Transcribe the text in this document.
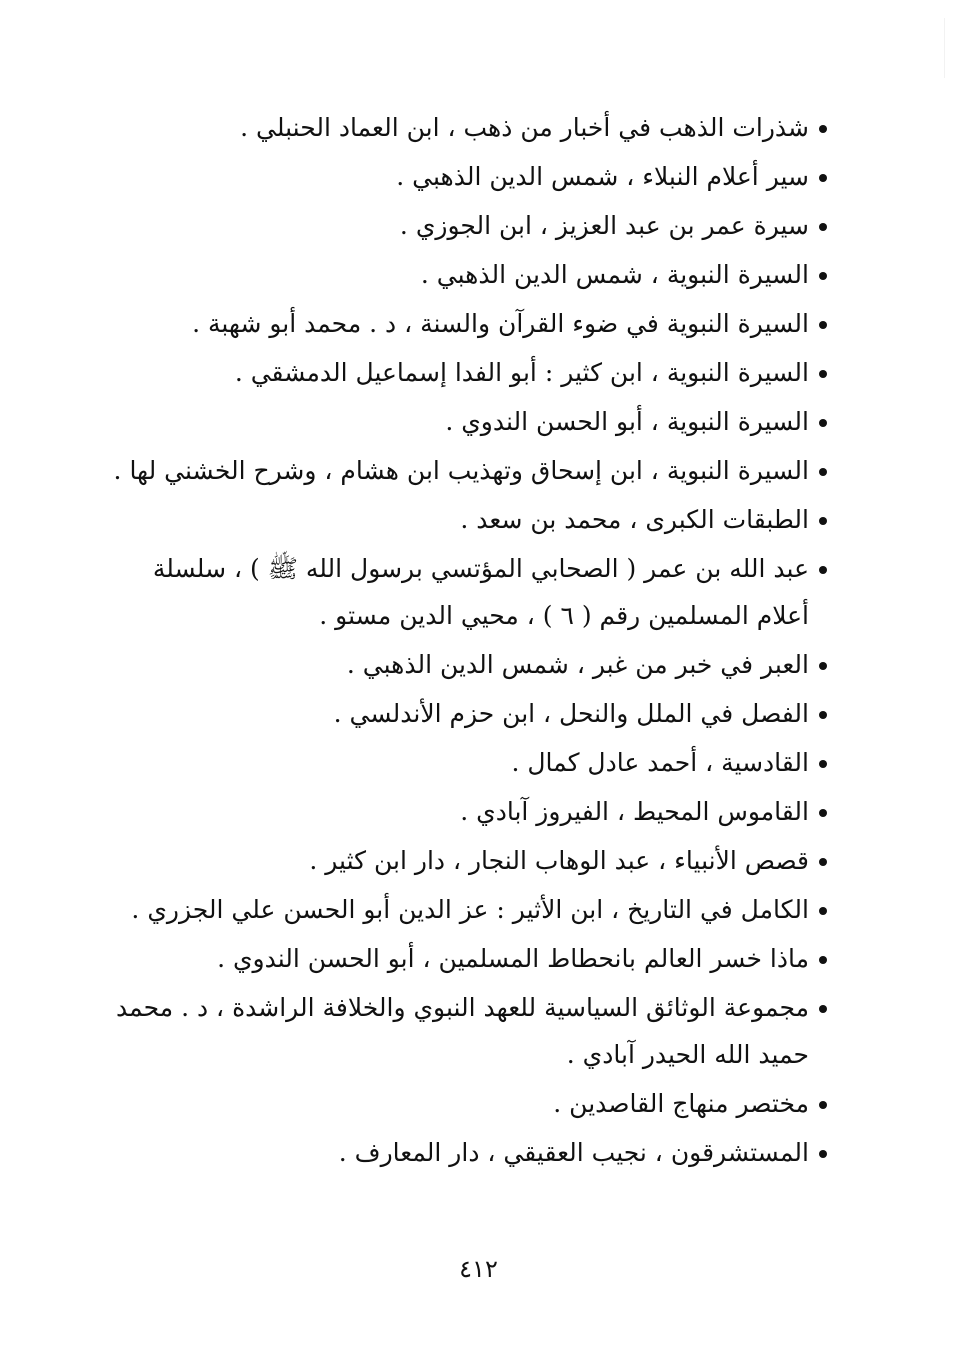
شذرات الذهب في أخبار من ذهب ، ابن العماد الحنبلي .
سير أعلام النبلاء ، شمس الدين الذهبي .
سيرة عمر بن عبد العزيز ، ابن الجوزي .
السيرة النبوية ، شمس الدين الذهبي .
السيرة النبوية في ضوء القرآن والسنة ، د . محمد أبو شهبة .
السيرة النبوية ، ابن كثير : أبو الفدا إسماعيل الدمشقي .
السيرة النبوية ، أبو الحسن الندوي .
السيرة النبوية ، ابن إسحاق وتهذيب ابن هشام ، وشرح الخشني لها .
الطبقات الكبرى ، محمد بن سعد .
عبد الله بن عمر ( الصحابي المؤتسي برسول الله ﷺ ) ، سلسلة أعلام المسلمين رقم ( ٦ ) ، محيي الدين مستو .
العبر في خبر من غبر ، شمس الدين الذهبي .
الفصل في الملل والنحل ، ابن حزم الأندلسي .
القادسية ، أحمد عادل كمال .
القاموس المحيط ، الفيروز آبادي .
قصص الأنبياء ، عبد الوهاب النجار ، دار ابن كثير .
الكامل في التاريخ ، ابن الأثير : عز الدين أبو الحسن علي الجزري .
ماذا خسر العالم بانحطاط المسلمين ، أبو الحسن الندوي .
مجموعة الوثائق السياسية للعهد النبوي والخلافة الراشدة ، د . محمد حميد الله الحيدر آبادي .
مختصر منهاج القاصدين .
المستشرقون ، نجيب العقيقي ، دار المعارف .
٤١٢
